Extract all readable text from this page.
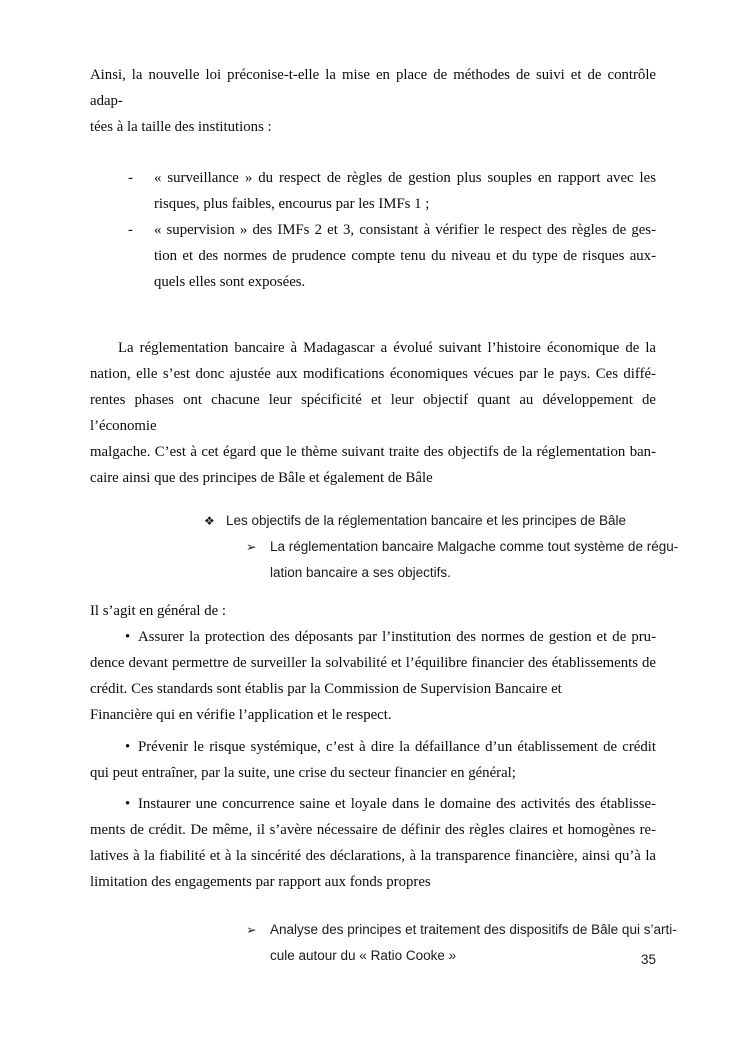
Ainsi, la nouvelle loi préconise-t-elle la mise en place de méthodes de suivi et de contrôle adap-
tées à la taille des institutions :
- « surveillance » du respect de règles de gestion plus souples en rapport avec les
risques, plus faibles, encourus par les IMFs 1 ;
- « supervision » des IMFs 2 et 3, consistant à vérifier le respect des règles de ges-
tion et des normes de prudence compte tenu du niveau et du type de risques aux-
quels elles sont exposées.
La réglementation bancaire à Madagascar a évolué suivant l’histoire économique de la
nation, elle s’est donc ajustée aux modifications économiques vécues par le pays. Ces diffé-
rentes phases ont chacune leur spécificité et leur objectif quant au développement de l’économie
malgache. C’est à cet égard que le thème suivant traite des objectifs de la réglementation ban-
caire ainsi que des principes de Bâle et également de Bâle
❖ Les objectifs de la réglementation bancaire et les principes de Bâle
➢ La réglementation bancaire Malgache comme tout système de régu-
lation bancaire a ses objectifs.
Il s’agit en général de :
• Assurer la protection des déposants par l’institution des normes de gestion et de pru-
dence devant permettre de surveiller la solvabilité et l’équilibre financier des établissements de
crédit. Ces standards sont établis par la Commission de Supervision Bancaire et
Financière qui en vérifie l’application et le respect.
• Prévenir le risque systémique, c’est à dire la défaillance d’un établissement de crédit
qui peut entraîner, par la suite, une crise du secteur financier en général;
• Instaurer une concurrence saine et loyale dans le domaine des activités des établisse-
ments de crédit. De même, il s’avère nécessaire de définir des règles claires et homogènes re-
latives à la fiabilité et à la sincérité des déclarations, à la transparence financière, ainsi qu’à la
limitation des engagements par rapport aux fonds propres
➢ Analyse des principes et traitement des dispositifs de Bâle qui s’arti-
cule autour du « Ratio Cooke »	35
